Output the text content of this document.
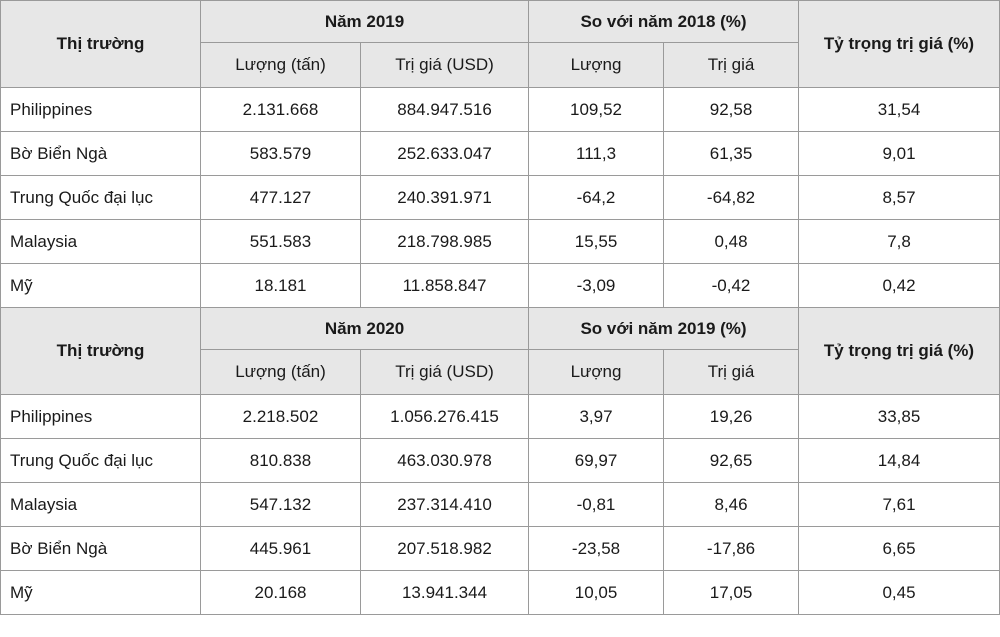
Thị trường	Năm 2019		So với năm 2018 (%)		Tỷ trọng trị giá (%)
	Lượng (tấn)	Trị giá (USD)	Lượng	Trị giá	
Philippines	2.131.668	884.947.516	109,52	92,58	31,54
Bờ Biển Ngà	583.579	252.633.047	111,3	61,35	9,01
Trung Quốc đại lục	477.127	240.391.971	-64,2	-64,82	8,57
Malaysia	551.583	218.798.985	15,55	0,48	7,8
Mỹ	18.181	11.858.847	-3,09	-0,42	0,42
Thị trường	Năm 2020		So với năm 2019 (%)		Tỷ trọng trị giá (%)
	Lượng (tấn)	Trị giá (USD)	Lượng	Trị giá	
Philippines	2.218.502	1.056.276.415	3,97	19,26	33,85
Trung Quốc đại lục	810.838	463.030.978	69,97	92,65	14,84
Malaysia	547.132	237.314.410	-0,81	8,46	7,61
Bờ Biển Ngà	445.961	207.518.982	-23,58	-17,86	6,65
Mỹ	20.168	13.941.344	10,05	17,05	0,45
